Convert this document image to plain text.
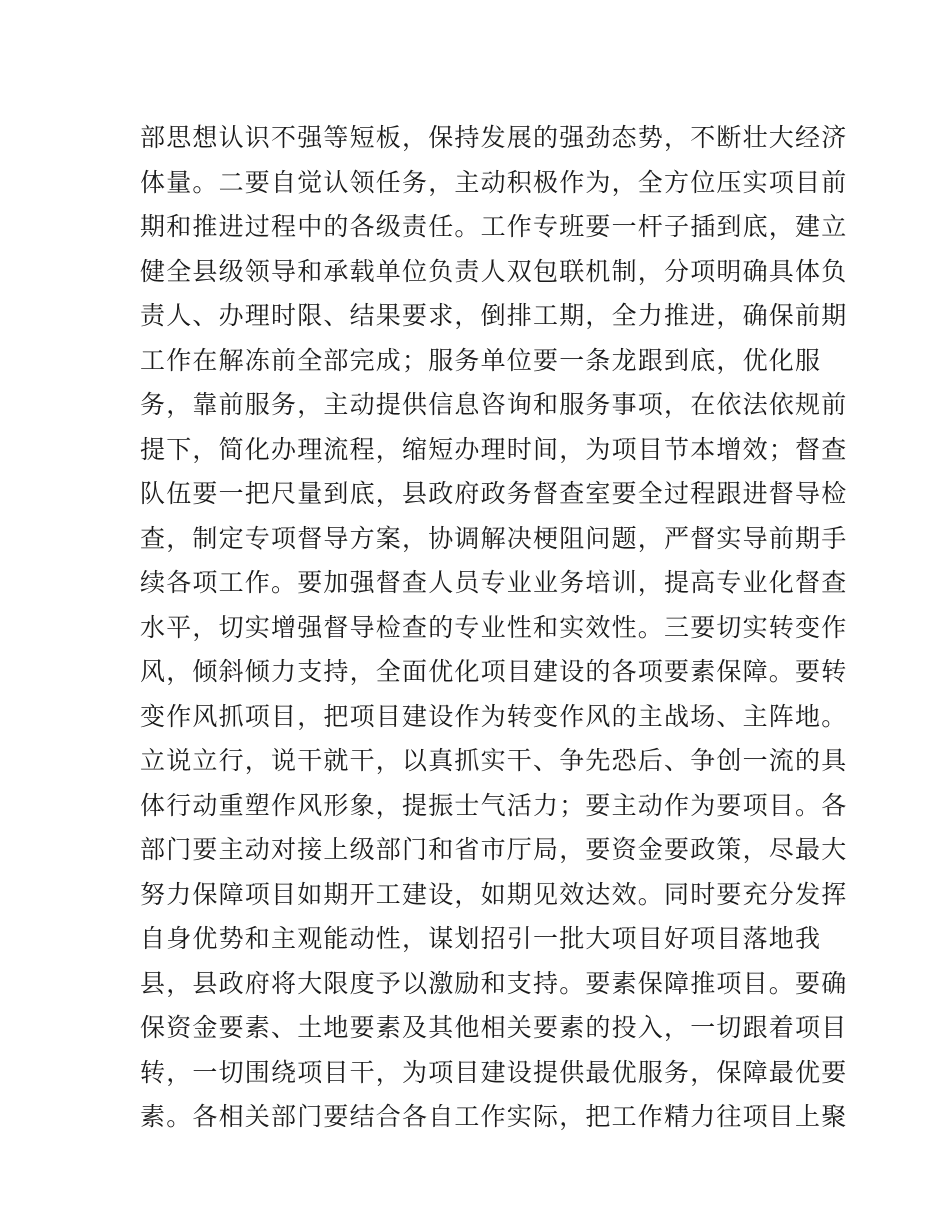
部思想认识不强等短板，保持发展的强劲态势，不断壮大经济
体量。二要自觉认领任务，主动积极作为，全方位压实项目前
期和推进过程中的各级责任。工作专班要一杆子插到底，建立
健全县级领导和承载单位负责人双包联机制，分项明确具体负
责人、办理时限、结果要求，倒排工期，全力推进，确保前期
工作在解冻前全部完成；服务单位要一条龙跟到底，优化服
务，靠前服务，主动提供信息咨询和服务事项，在依法依规前
提下，简化办理流程，缩短办理时间，为项目节本增效；督查
队伍要一把尺量到底，县政府政务督查室要全过程跟进督导检
查，制定专项督导方案，协调解决梗阻问题，严督实导前期手
续各项工作。要加强督查人员专业业务培训，提高专业化督查
水平，切实增强督导检查的专业性和实效性。三要切实转变作
风，倾斜倾力支持，全面优化项目建设的各项要素保障。要转
变作风抓项目，把项目建设作为转变作风的主战场、主阵地。
立说立行，说干就干，以真抓实干、争先恐后、争创一流的具
体行动重塑作风形象，提振士气活力；要主动作为要项目。各
部门要主动对接上级部门和省市厅局，要资金要政策，尽最大
努力保障项目如期开工建设，如期见效达效。同时要充分发挥
自身优势和主观能动性，谋划招引一批大项目好项目落地我
县，县政府将大限度予以激励和支持。要素保障推项目。要确
保资金要素、土地要素及其他相关要素的投入，一切跟着项目
转，一切围绕项目干，为项目建设提供最优服务，保障最优要
素。各相关部门要结合各自工作实际，把工作精力往项目上聚
